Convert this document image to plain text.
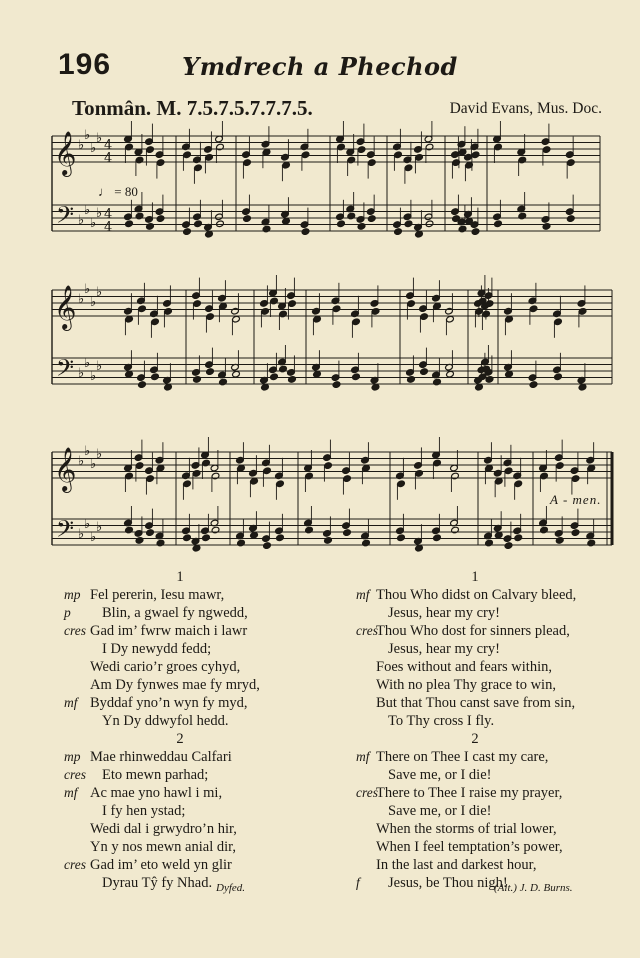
196	Ymdrech a Phechod
Tonmân. M. 7.5.7.5.7.7.7.5.	David Evans, Mus. Doc.
𝄞
𝄢
♭
♭
♭
♭
♭
♭
♭
♭
4
4
4
4
𝄞
𝄢
♭
♭
♭
♭
♭
♭
♭
♭
𝄞
𝄢
♭
♭
♭
♭
♭
♭
♭
♭
♩ = 80
A - men.
1
mp Fel pererin, Iesu mawr,
p Blin, a gwael fy ngwedd,
cres Gad im’ fwrw maich i lawr
I Dy newydd fedd;
Wedi cario’r groes cyhyd,
Am Dy fynwes mae fy mryd,
mf Byddaf yno’n wyn fy myd,
Yn Dy ddwyfol hedd.
2
mp Mae rhinweddau Calfari
cres Eto mewn parhad;
mf Ac mae yno hawl i mi,
I fy hen ystad;
Wedi dal i grwydro’n hir,
Yn y nos mewn anial dir,
cres Gad im’ eto weld yn glir
Dyrau Tŷ fy Nhad.
1
mf Thou Who didst on Calvary bleed,
Jesus, hear my cry!
cres
Thou Who dost for sinners plead,
Jesus, hear my cry!
Foes without and fears within,
With no plea Thy grace to win,
But that Thou canst save from sin,
To Thy cross I fly.
2
mf There on Thee I cast my care,
Save me, or I die!
cres
There to Thee I raise my prayer,
Save me, or I die!
When the storms of trial lower,
When I feel temptation’s power,
In the last and darkest hour,
f Jesus, be Thou nigh!
Dyfed.	(Alt.) J. D. Burns.
